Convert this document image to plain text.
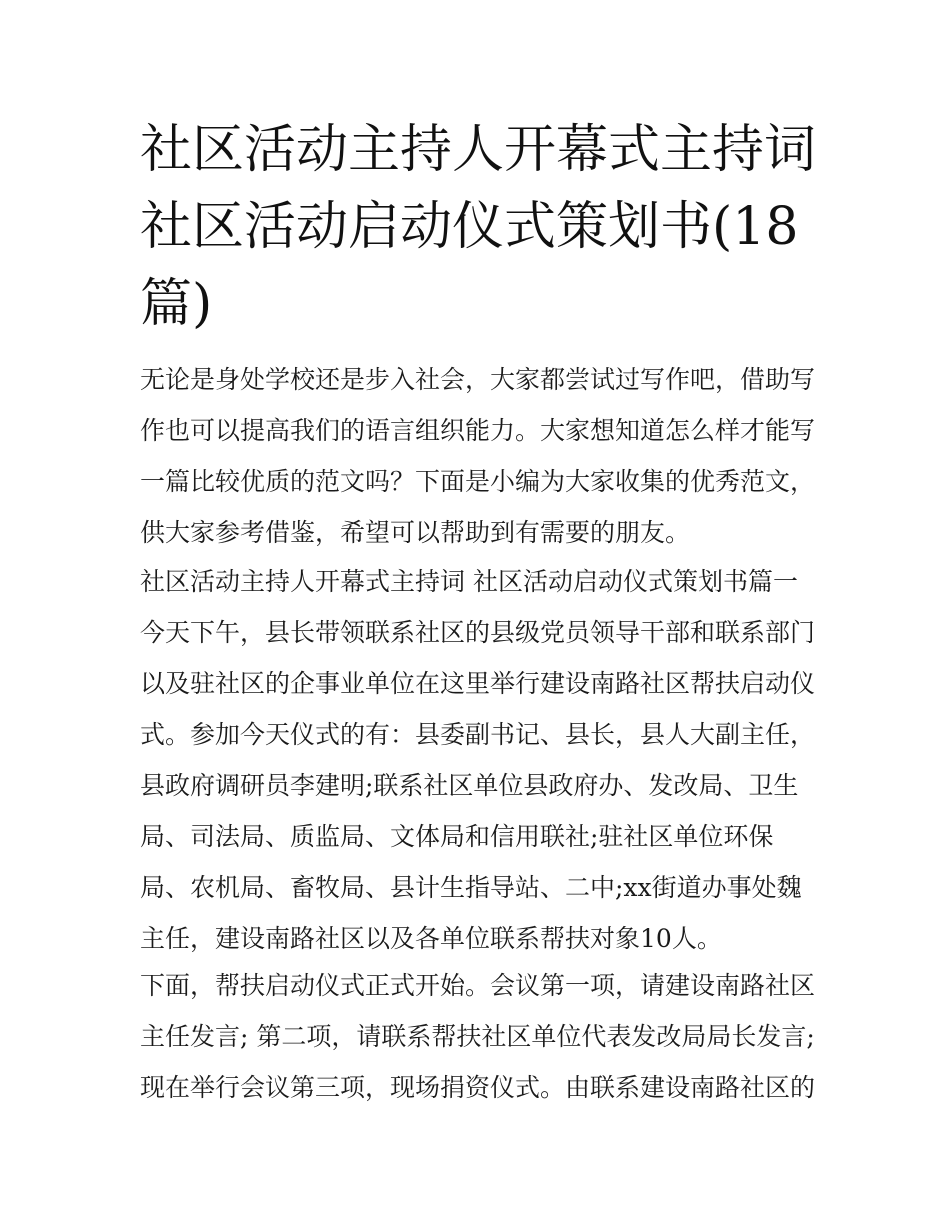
社区活动主持人开幕式主持词
社区活动启动仪式策划书(18
篇)

无论是身处学校还是步入社会，大家都尝试过写作吧，借助写作也可以提高我们的语言组织能力。大家想知道怎么样才能写一篇比较优质的范文吗？下面是小编为大家收集的优秀范文，供大家参考借鉴，希望可以帮助到有需要的朋友。

社区活动主持人开幕式主持词 社区活动启动仪式策划书篇一今天下午，县长带领联系社区的县级党员领导干部和联系部门以及驻社区的企事业单位在这里举行建设南路社区帮扶启动仪式。参加今天仪式的有：县委副书记、县长，县人大副主任，县政府调研员李建明;联系社区单位县政府办、发改局、卫生局、司法局、质监局、文体局和信用联社;驻社区单位环保局、农机局、畜牧局、县计生指导站、二中;xx街道办事处魏主任，建设南路社区以及各单位联系帮扶对象10人。

下面，帮扶启动仪式正式开始。会议第一项，请建设南路社区主任发言; 第二项，请联系帮扶社区单位代表发改局局长发言; 现在举行会议第三项，现场捐资仪式。由联系建设南路社区的
